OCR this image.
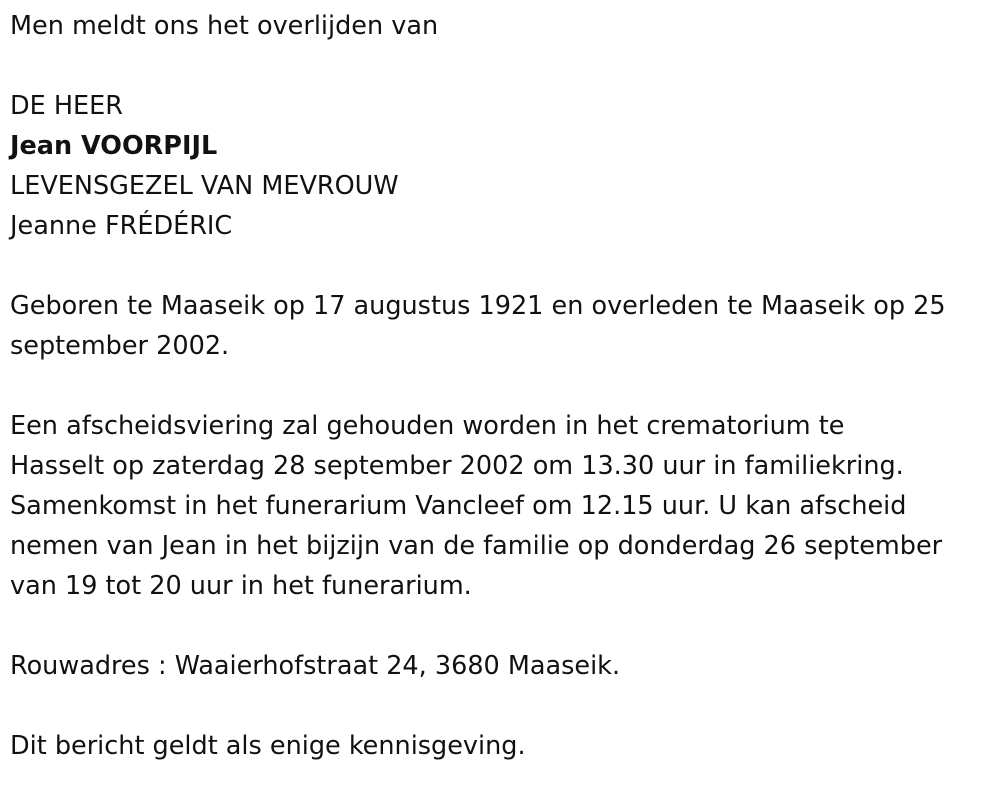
Men meldt ons het overlijden van

DE HEER

Jean VOORPIJL

LEVENSGEZEL VAN MEVROUW

Jeanne FRÉDÉRIC

Geboren te Maaseik op 17 augustus 1921 en overleden te Maaseik op 25

september 2002.

Een afscheidsviering zal gehouden worden in het crematorium te

Hasselt op zaterdag 28 september 2002 om 13.30 uur in familiekring.

Samenkomst in het funerarium Vancleef om 12.15 uur. U kan afscheid

nemen van Jean in het bijzijn van de familie op donderdag 26 september

van 19 tot 20 uur in het funerarium.

Rouwadres : Waaierhofstraat 24, 3680 Maaseik.

Dit bericht geldt als enige kennisgeving.
